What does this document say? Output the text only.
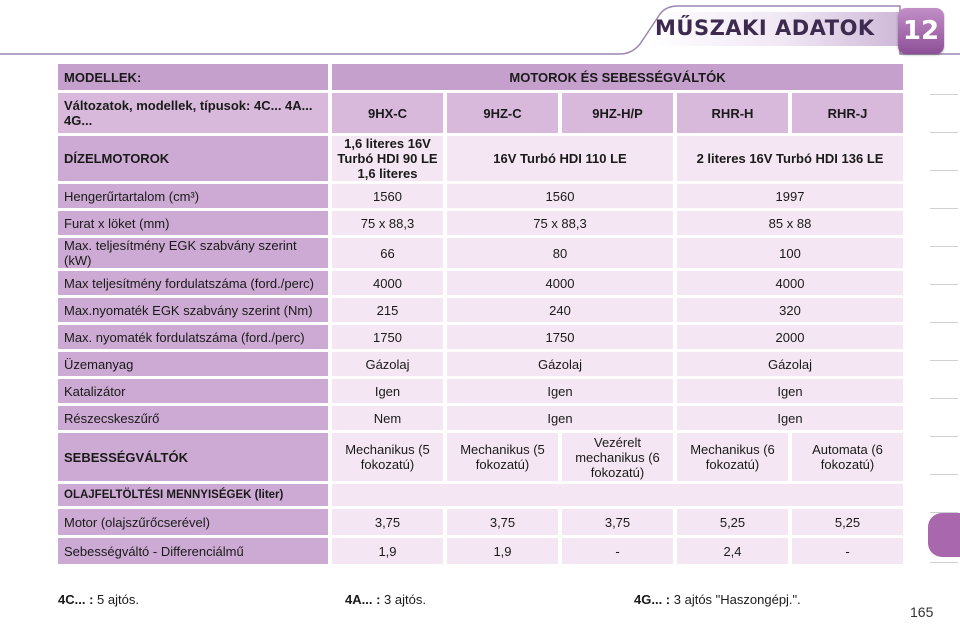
MŰSZAKI ADATOK 12
MODELLEK:	MOTOROK ÉS SEBESSÉGVÁLTÓK				
Változatok, modellek, típusok: 4C... 4A... 4G...	9HX-C	9HZ-C	9HZ-H/P	RHR-H	RHR-J
DÍZELMOTOROK	1,6 literes 16V Turbó HDI 90 LE 1,6 literes	16V Turbó HDI 110 LE		2 literes 16V Turbó HDI 136 LE	
Hengerűrtartalom (cm³)	1560	1560		1997	
Furat x löket (mm)	75 x 88,3	75 x 88,3		85 x 88	
Max. teljesítmény EGK szabvány szerint (kW)	66	80		100	
Max teljesítmény fordulatszáma (ford./perc)	4000	4000		4000	
Max.nyomaték EGK szabvány szerint (Nm)	215	240		320	
Max. nyomaték fordulatszáma (ford./perc)	1750	1750		2000	
Üzemanyag	Gázolaj	Gázolaj		Gázolaj	
Katalizátor	Igen	Igen		Igen	
Részecskeszűrő	Nem	Igen		Igen	
SEBESSÉGVÁLTÓK	Mechanikus (5 fokozatú)	Mechanikus (5 fokozatú)	Vezérelt mechanikus (6 fokozatú)	Mechanikus (6 fokozatú)	Automata (6 fokozatú)
OLAJFELTÖLTÉSI MENNYISÉGEK (liter)					
Motor (olajszűrőcserével)	3,75	3,75	3,75	5,25	5,25
Sebességváltó - Differenciálmű	1,9	1,9	-	2,4	-
4C... : 5 ajtós.	4A... : 3 ajtós.	4G... : 3 ajtós "Haszongépj.".
165
